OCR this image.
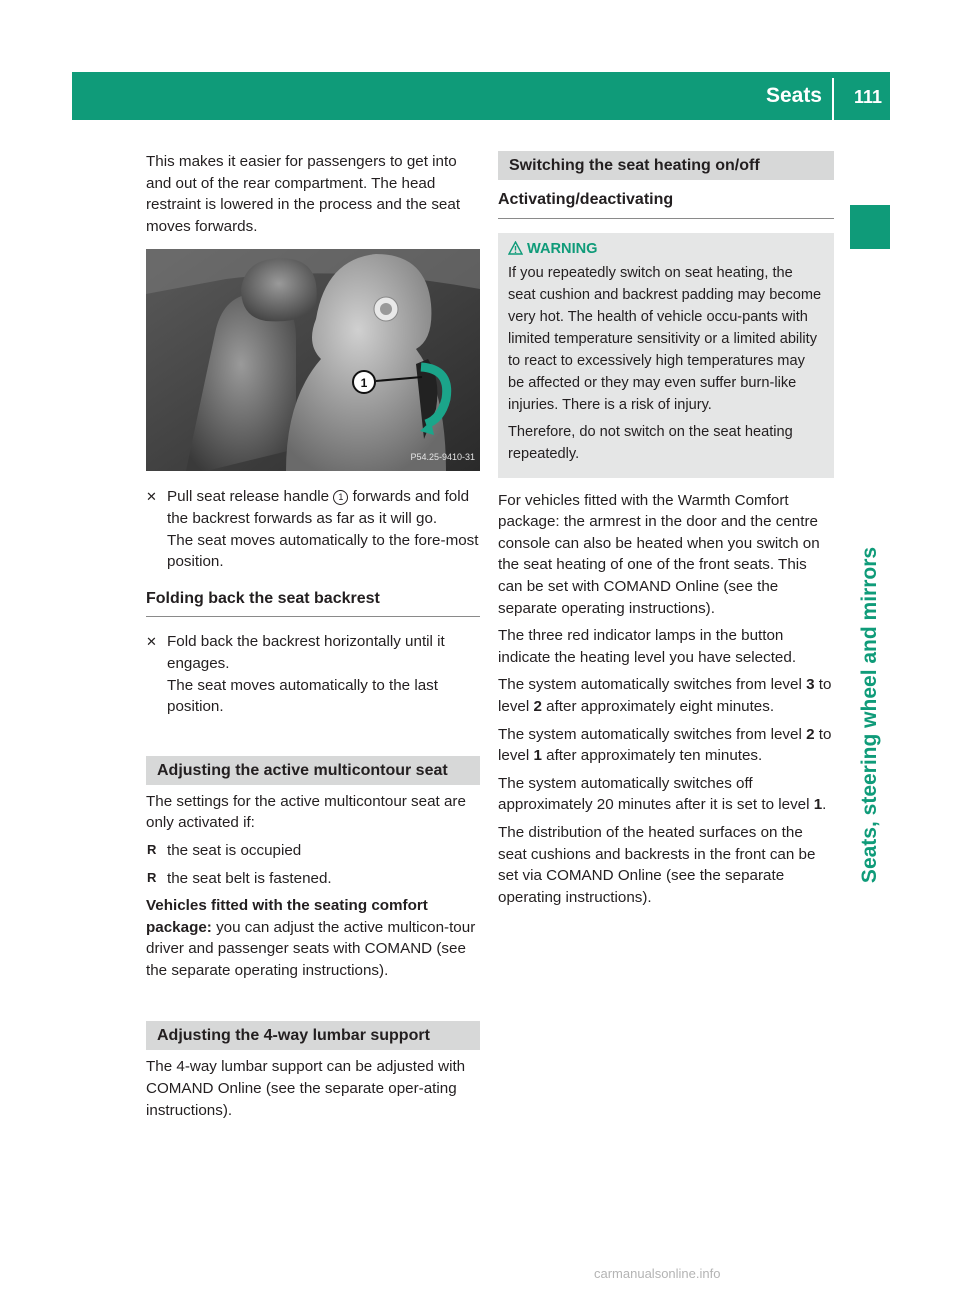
Seats 111
Seats, steering wheel and mirrors

This makes it easier for passengers to get into and out of the rear compartment. The head restraint is lowered in the process and the seat moves forwards.

1
P54.25-9410-31
✕ Pull seat release handle 1 forwards and fold the backrest forwards as far as it will go.
The seat moves automatically to the fore-most position.
Folding back the seat backrest
✕ Fold back the backrest horizontally until it engages.
The seat moves automatically to the last position.
Adjusting the active multicontour seat

The settings for the active multicontour seat are only activated if:

R the seat is occupied
R the seat belt is fastened.

Vehicles fitted with the seating comfort package: you can adjust the active multicon-tour driver and passenger seats with COMAND (see the separate operating instructions).

Adjusting the 4-way lumbar support

The 4-way lumbar support can be adjusted with COMAND Online (see the separate oper-ating instructions).

Switching the seat heating on/off
Activating/deactivating

WARNING

If you repeatedly switch on seat heating, the seat cushion and backrest padding may become very hot. The health of vehicle occu-pants with limited temperature sensitivity or a limited ability to react to excessively high temperatures may be affected or they may even suffer burn-like injuries. There is a risk of injury.

Therefore, do not switch on the seat heating repeatedly.

For vehicles fitted with the Warmth Comfort package: the armrest in the door and the centre console can also be heated when you switch on the seat heating of one of the front seats. This can be set with COMAND Online (see the separate operating instructions).

The three red indicator lamps in the button indicate the heating level you have selected.

The system automatically switches from level 3 to level 2 after approximately eight minutes.

The system automatically switches from level 2 to level 1 after approximately ten minutes.

The system automatically switches off approximately 20 minutes after it is set to level 1.

The distribution of the heated surfaces on the seat cushions and backrests in the front can be set via COMAND Online (see the separate operating instructions).

carmanualsonline.info
